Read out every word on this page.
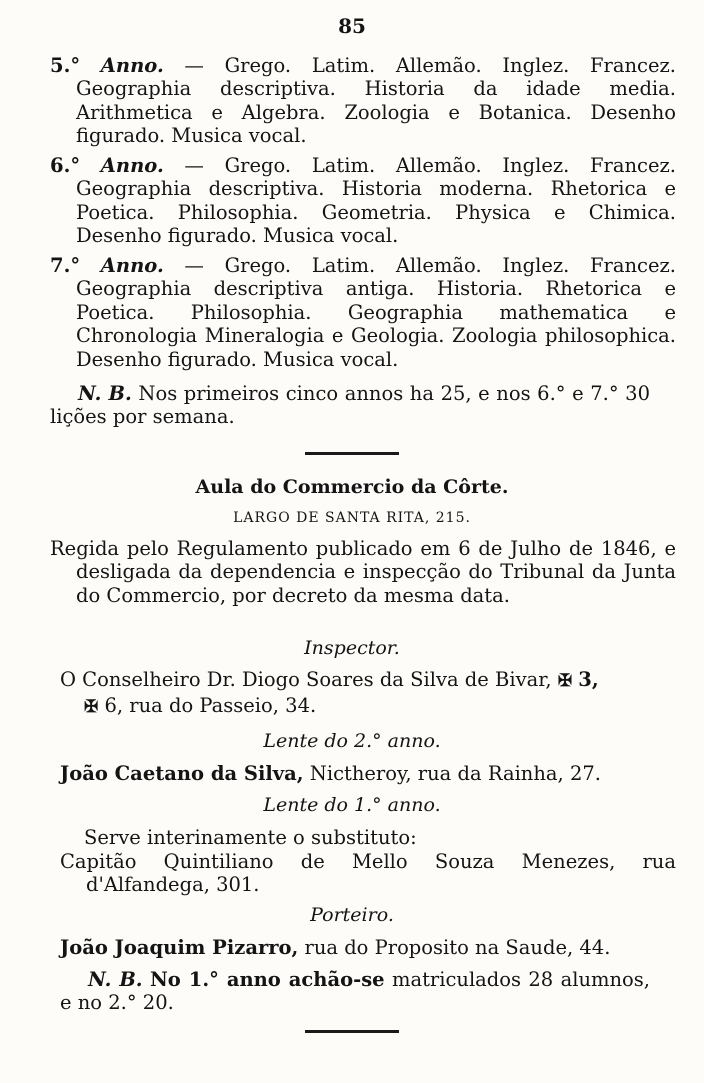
85
5.° Anno. — Grego. Latim. Allemão. Inglez. Francez. Geographia descriptiva. Historia da idade media. Arithmetica e Algebra. Zoologia e Botanica. Desenho figurado. Musica vocal.
6.° Anno. — Grego. Latim. Allemão. Inglez. Francez. Geographia descriptiva. Historia moderna. Rhetorica e Poetica. Philosophia. Geometria. Physica e Chimica. Desenho figurado. Musica vocal.
7.° Anno. — Grego. Latim. Allemão. Inglez. Francez. Geographia descriptiva antiga. Historia. Rhetorica e Poetica. Philosophia. Geographia mathematica e Chronologia Mineralogia e Geologia. Zoologia philosophica. Desenho figurado. Musica vocal.
N. B. Nos primeiros cinco annos ha 25, e nos 6.° e 7.° 30 lições por semana.
Aula do Commercio da Côrte.
LARGO DE SANTA RITA, 215.
Regida pelo Regulamento publicado em 6 de Julho de 1846, e desligada da dependencia e inspecção do Tribunal da Junta do Commercio, por decreto da mesma data.
Inspector.
O Conselheiro Dr. Diogo Soares da Silva de Bivar, ✠ 3,
✠ 6, rua do Passeio, 34.
Lente do 2.° anno.
João Caetano da Silva, Nictheroy, rua da Rainha, 27.
Lente do 1.° anno.
Serve interinamente o substituto:
Capitão Quintiliano de Mello Souza Menezes, rua d'Alfandega, 301.
Porteiro.
João Joaquim Pizarro, rua do Proposito na Saude, 44.
N. B. No 1.° anno achão-se matriculados 28 alumnos, e no 2.° 20.
